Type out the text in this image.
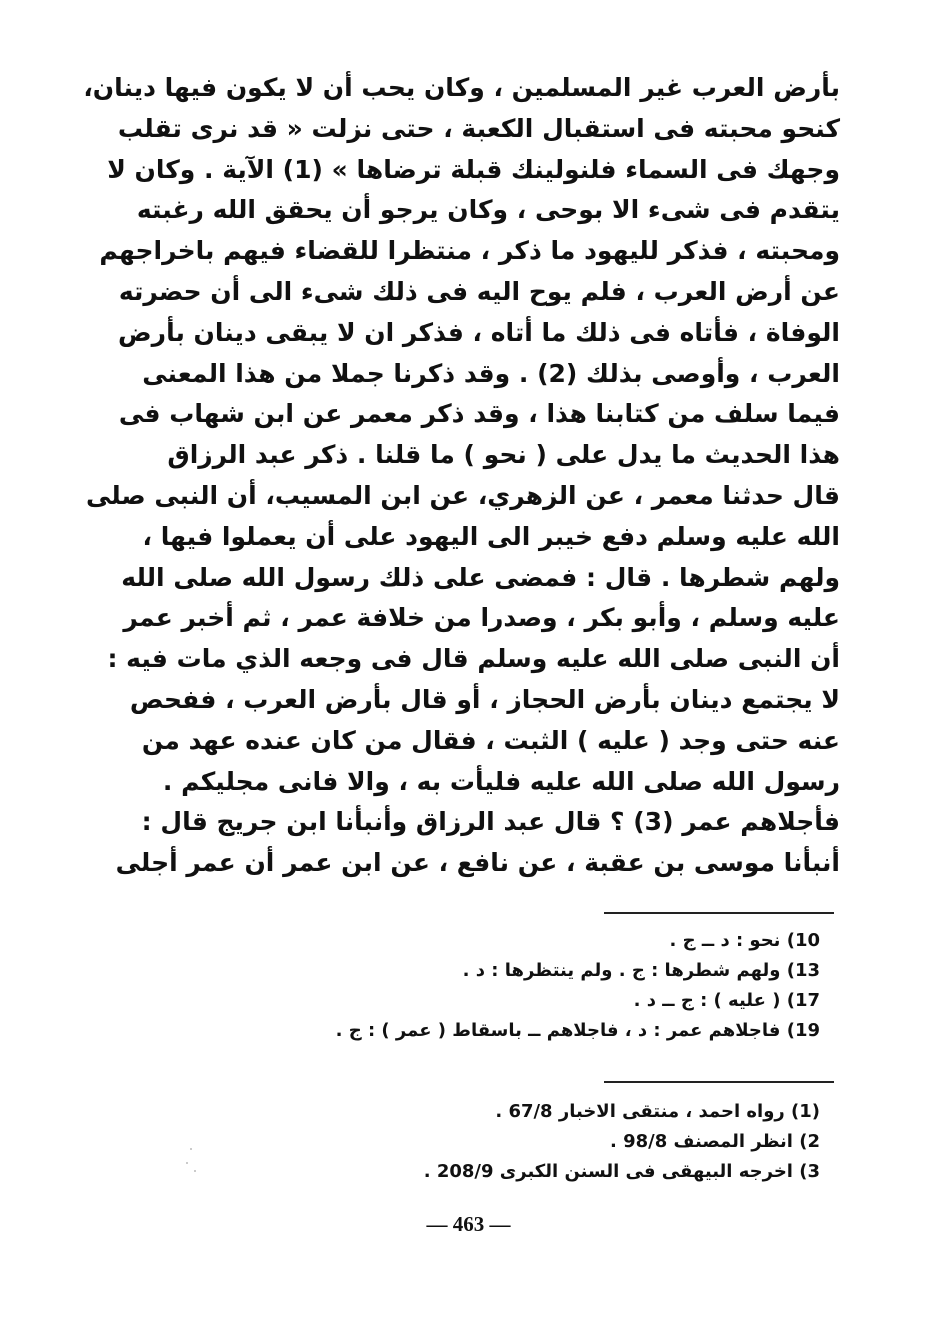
بأرض العرب غير المسلمين ، وكان يحب أن لا يكون فيها دينان،
كنحو محبته فى استقبال الكعبة ، حتى نزلت « قد نرى تقلب
وجهك فى السماء فلنولينك قبلة ترضاها » (1) الآية . وكان لا
يتقدم فى شىء الا بوحى ، وكان يرجو أن يحقق الله رغبته
ومحبته ، فذكر لليهود ما ذكر ، منتظرا للقضاء فيهم باخراجهم
عن أرض العرب ، فلم يوح اليه فى ذلك شىء الى أن حضرته
الوفاة ، فأتاه فى ذلك ما أتاه ، فذكر ان لا يبقى دينان بأرض
العرب ، وأوصى بذلك (2) . وقد ذكرنا جملا من هذا المعنى
فيما سلف من كتابنا هذا ، وقد ذكر معمر عن ابن شهاب فى
هذا الحديث ما يدل على ( نحو ) ما قلنا . ذكر عبد الرزاق
قال حدثنا معمر ، عن الزهري، عن ابن المسيب، أن النبى صلى
الله عليه وسلم دفع خيبر الى اليهود على أن يعملوا فيها ،
ولهم شطرها . قال : فمضى على ذلك رسول الله صلى الله
عليه وسلم ، وأبو بكر ، وصدرا من خلافة عمر ، ثم أخبر عمر
أن النبى صلى الله عليه وسلم قال فى وجعه الذي مات فيه :
لا يجتمع دينان بأرض الحجاز ، أو قال بأرض العرب ، ففحص
عنه حتى وجد ( عليه ) الثبت ، فقال من كان عنده عهد من
رسول الله صلى الله عليه فليأت به ، والا فانى مجليكم .
فأجلاهم عمر (3) ؟ قال عبد الرزاق وأنبأنا ابن جريج قال :
أنبأنا موسى بن عقبة ، عن نافع ، عن ابن عمر أن عمر أجلى
10) نحو : د ــ ج .
13) ولهم شطرها : ج . ولم ينتظرها : د .
17) ( عليه ) : ج ــ د .
19) فاجلاهم عمر : د ، فاجلاهم ــ باسقاط ( عمر ) : ج .
(1) رواه احمد ، منتقى الاخبار 67/8 .
2) انظر المصنف 98/8 .
3) اخرجه البيهقى فى السنن الكبرى 208/9 .
— 463 —
